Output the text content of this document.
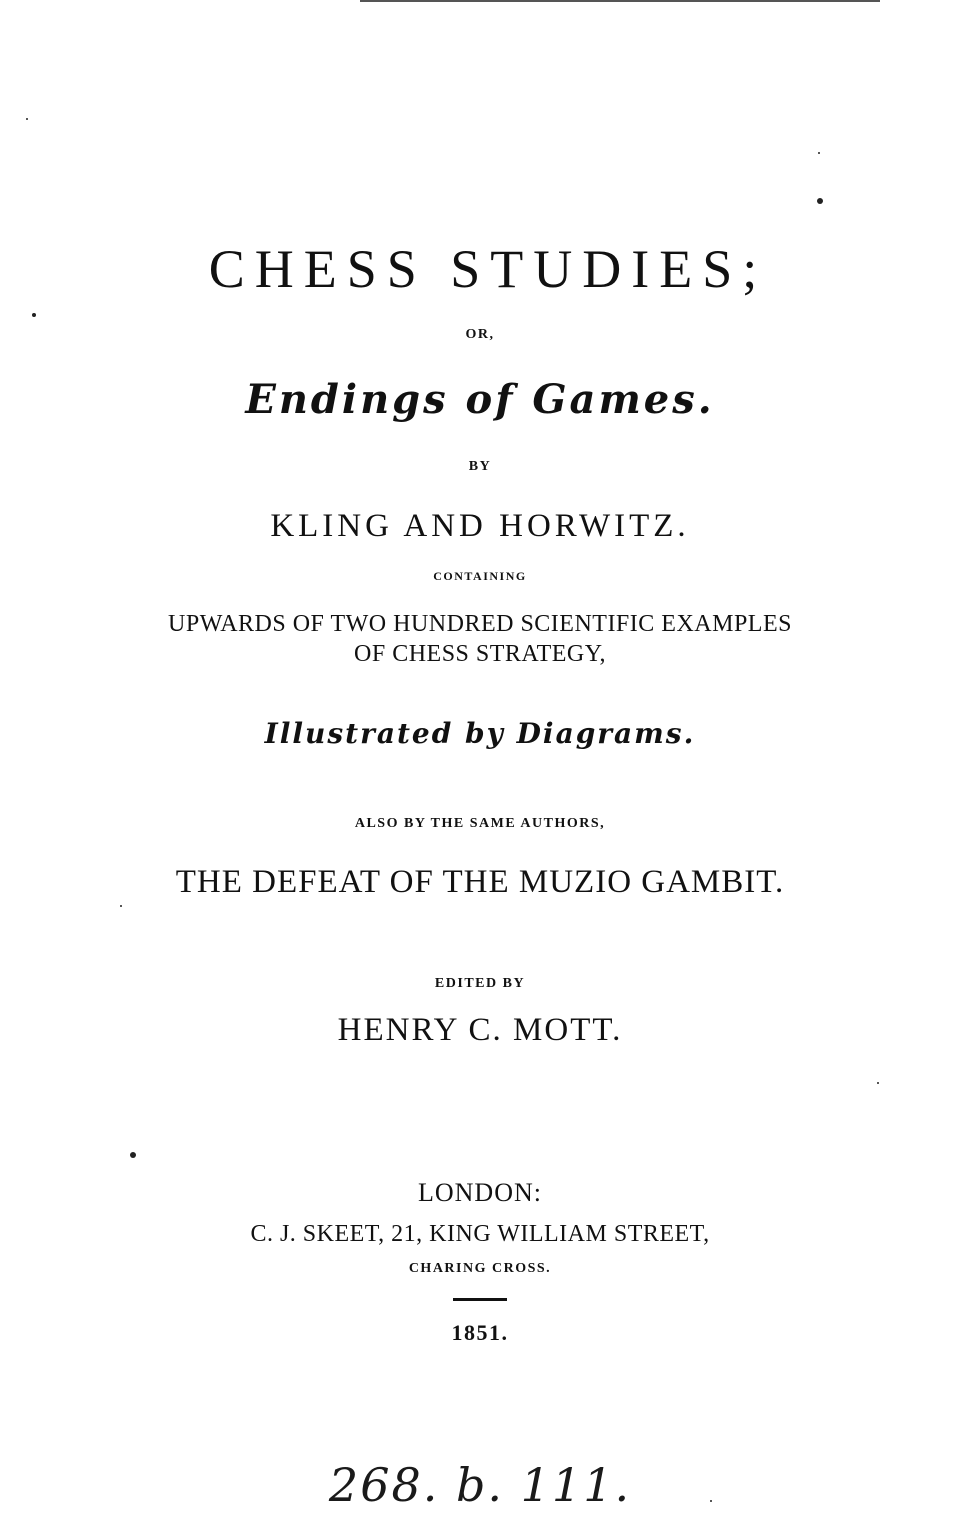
CHESS STUDIES;
OR,
Endings of Games.
BY
KLING AND HORWITZ.
CONTAINING
UPWARDS OF TWO HUNDRED SCIENTIFIC EXAMPLES
OF CHESS STRATEGY,
Illustrated by Diagrams.
ALSO BY THE SAME AUTHORS,
THE DEFEAT OF THE MUZIO GAMBIT.
EDITED BY
HENRY C. MOTT.
LONDON:
C. J. SKEET, 21, KING WILLIAM STREET,
CHARING CROSS.
1851.
268. b. 111.
